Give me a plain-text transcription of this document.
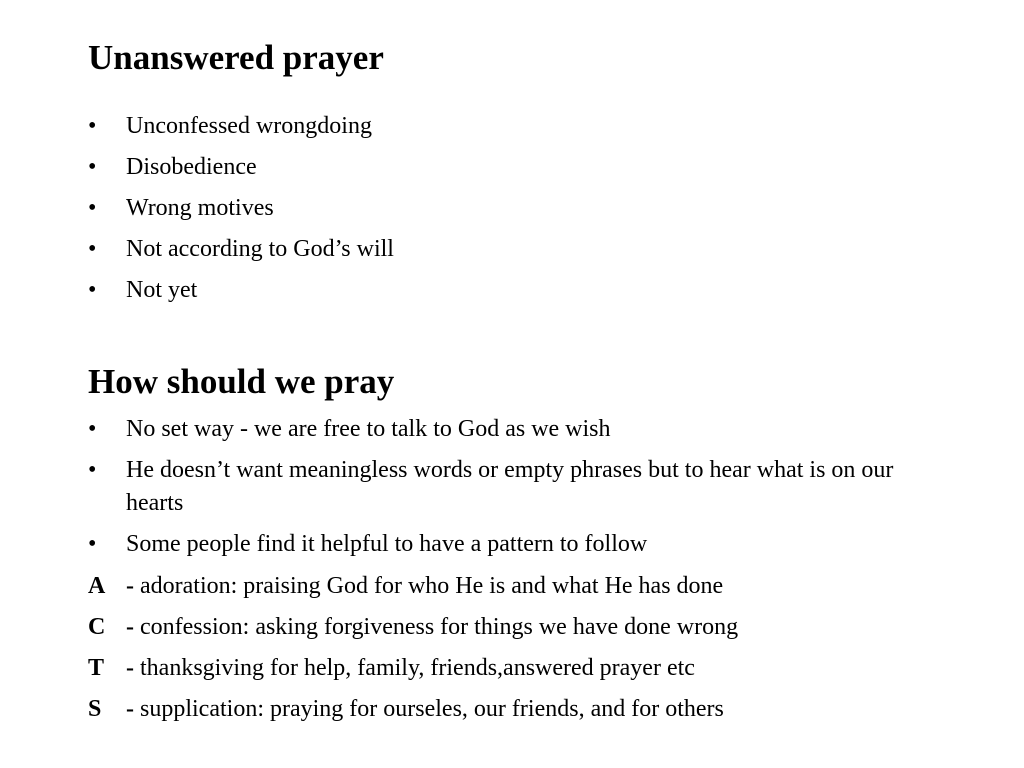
Unanswered prayer
• Unconfessed wrongdoing
• Disobedience
• Wrong motives
• Not according to God’s will
• Not yet
How should we pray
• No set way - we are free to talk to God as we wish
• He doesn’t want meaningless words or empty phrases but to hear what is on our hearts
• Some people find it helpful to have a pattern to follow
A - adoration: praising God for who He is and what He has done
C - confession: asking forgiveness for things we have done wrong
T - thanksgiving for help, family, friends,answered prayer etc
S - supplication: praying for ourseles, our friends, and for others
